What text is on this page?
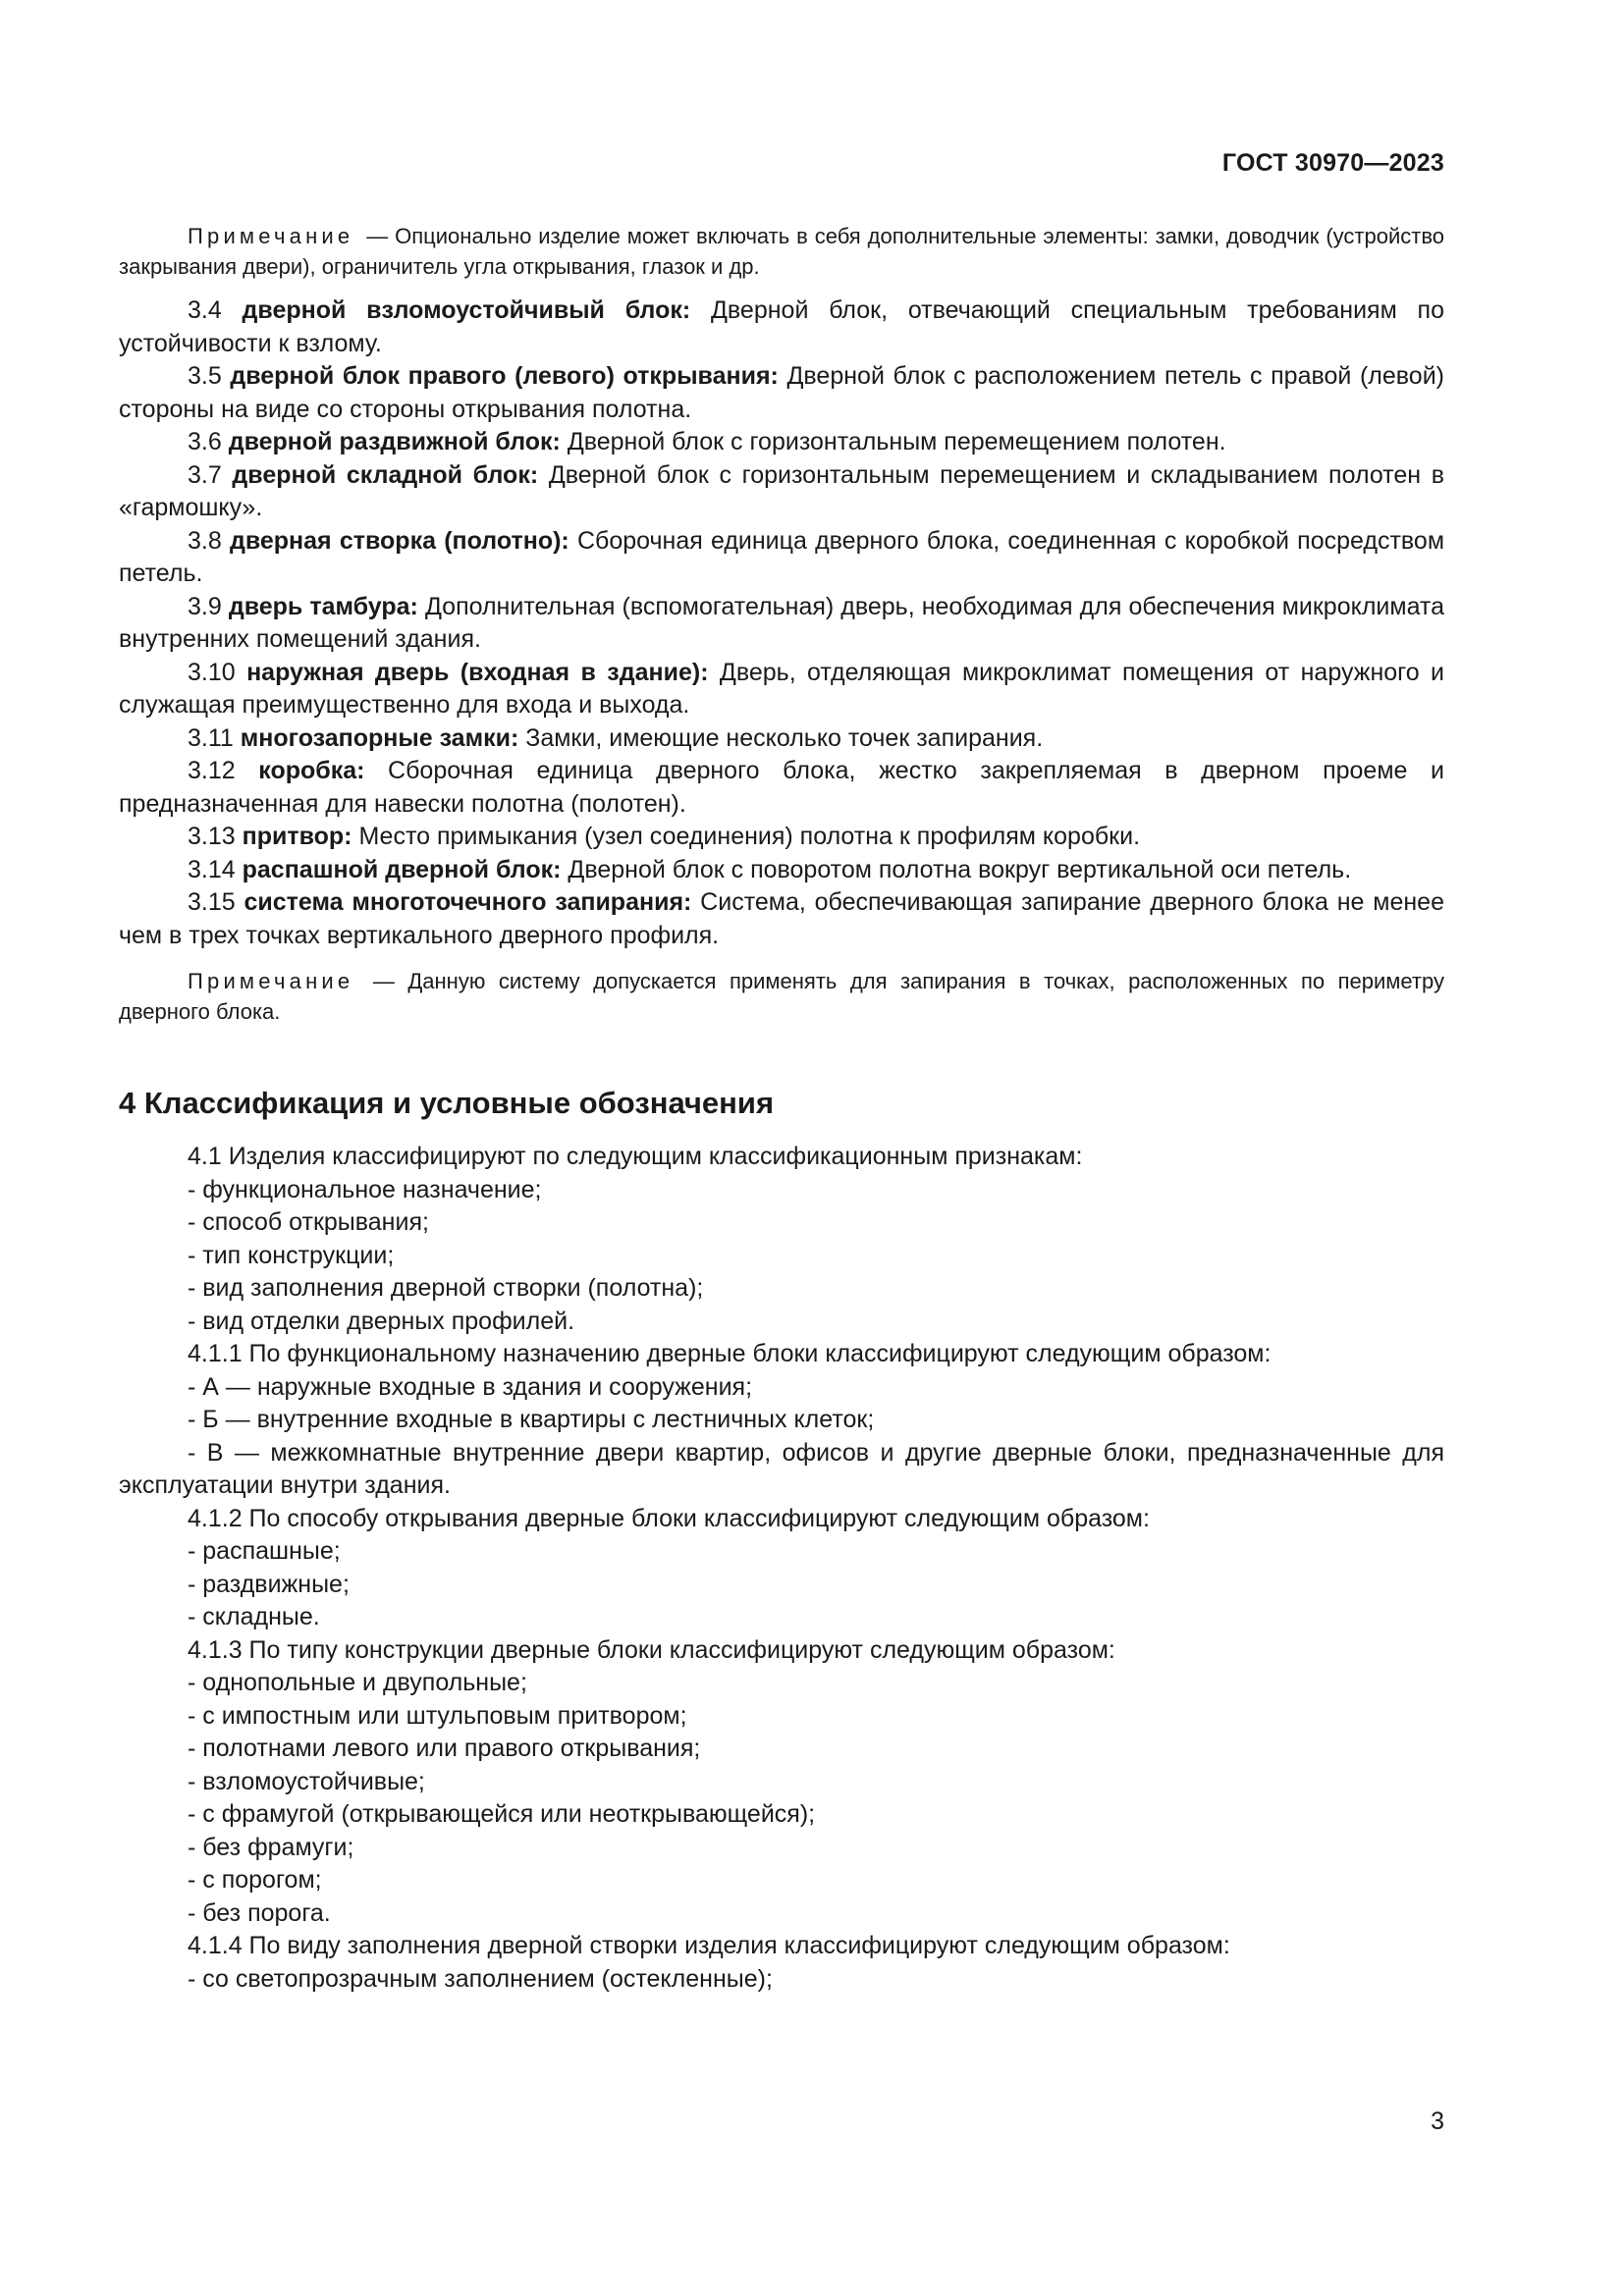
ГОСТ 30970—2023

Примечание — Опционально изделие может включать в себя дополнительные элементы: замки, доводчик (устройство закрывания двери), ограничитель угла открывания, глазок и др.

3.4 дверной взломоустойчивый блок: Дверной блок, отвечающий специальным требованиям по устойчивости к взлому.

3.5 дверной блок правого (левого) открывания: Дверной блок с расположением петель с правой (левой) стороны на виде со стороны открывания полотна.

3.6 дверной раздвижной блок: Дверной блок с горизонтальным перемещением полотен.

3.7 дверной складной блок: Дверной блок с горизонтальным перемещением и складыванием полотен в «гармошку».

3.8 дверная створка (полотно): Сборочная единица дверного блока, соединенная с коробкой посредством петель.

3.9 дверь тамбура: Дополнительная (вспомогательная) дверь, необходимая для обеспечения микроклимата внутренних помещений здания.

3.10 наружная дверь (входная в здание): Дверь, отделяющая микроклимат помещения от наружного и служащая преимущественно для входа и выхода.

3.11 многозапорные замки: Замки, имеющие несколько точек запирания.

3.12 коробка: Сборочная единица дверного блока, жестко закрепляемая в дверном проеме и предназначенная для навески полотна (полотен).

3.13 притвор: Место примыкания (узел соединения) полотна к профилям коробки.

3.14 распашной дверной блок: Дверной блок с поворотом полотна вокруг вертикальной оси петель.

3.15 система многоточечного запирания: Система, обеспечивающая запирание дверного блока не менее чем в трех точках вертикального дверного профиля.

Примечание — Данную систему допускается применять для запирания в точках, расположенных по периметру дверного блока.

4 Классификация и условные обозначения

4.1 Изделия классифицируют по следующим классификационным признакам:

- функциональное назначение;

- способ открывания;

- тип конструкции;

- вид заполнения дверной створки (полотна);

- вид отделки дверных профилей.

4.1.1 По функциональному назначению дверные блоки классифицируют следующим образом:

- А — наружные входные в здания и сооружения;

- Б — внутренние входные в квартиры с лестничных клеток;

- В — межкомнатные внутренние двери квартир, офисов и другие дверные блоки, предназначенные для эксплуатации внутри здания.

4.1.2 По способу открывания дверные блоки классифицируют следующим образом:

- распашные;

- раздвижные;

- складные.

4.1.3 По типу конструкции дверные блоки классифицируют следующим образом:

- однопольные и двупольные;

- с импостным или штульповым притвором;

- полотнами левого или правого открывания;

- взломоустойчивые;

- с фрамугой (открывающейся или неоткрывающейся);

- без фрамуги;

- с порогом;

- без порога.

4.1.4 По виду заполнения дверной створки изделия классифицируют следующим образом:

- со светопрозрачным заполнением (остекленные);

3
